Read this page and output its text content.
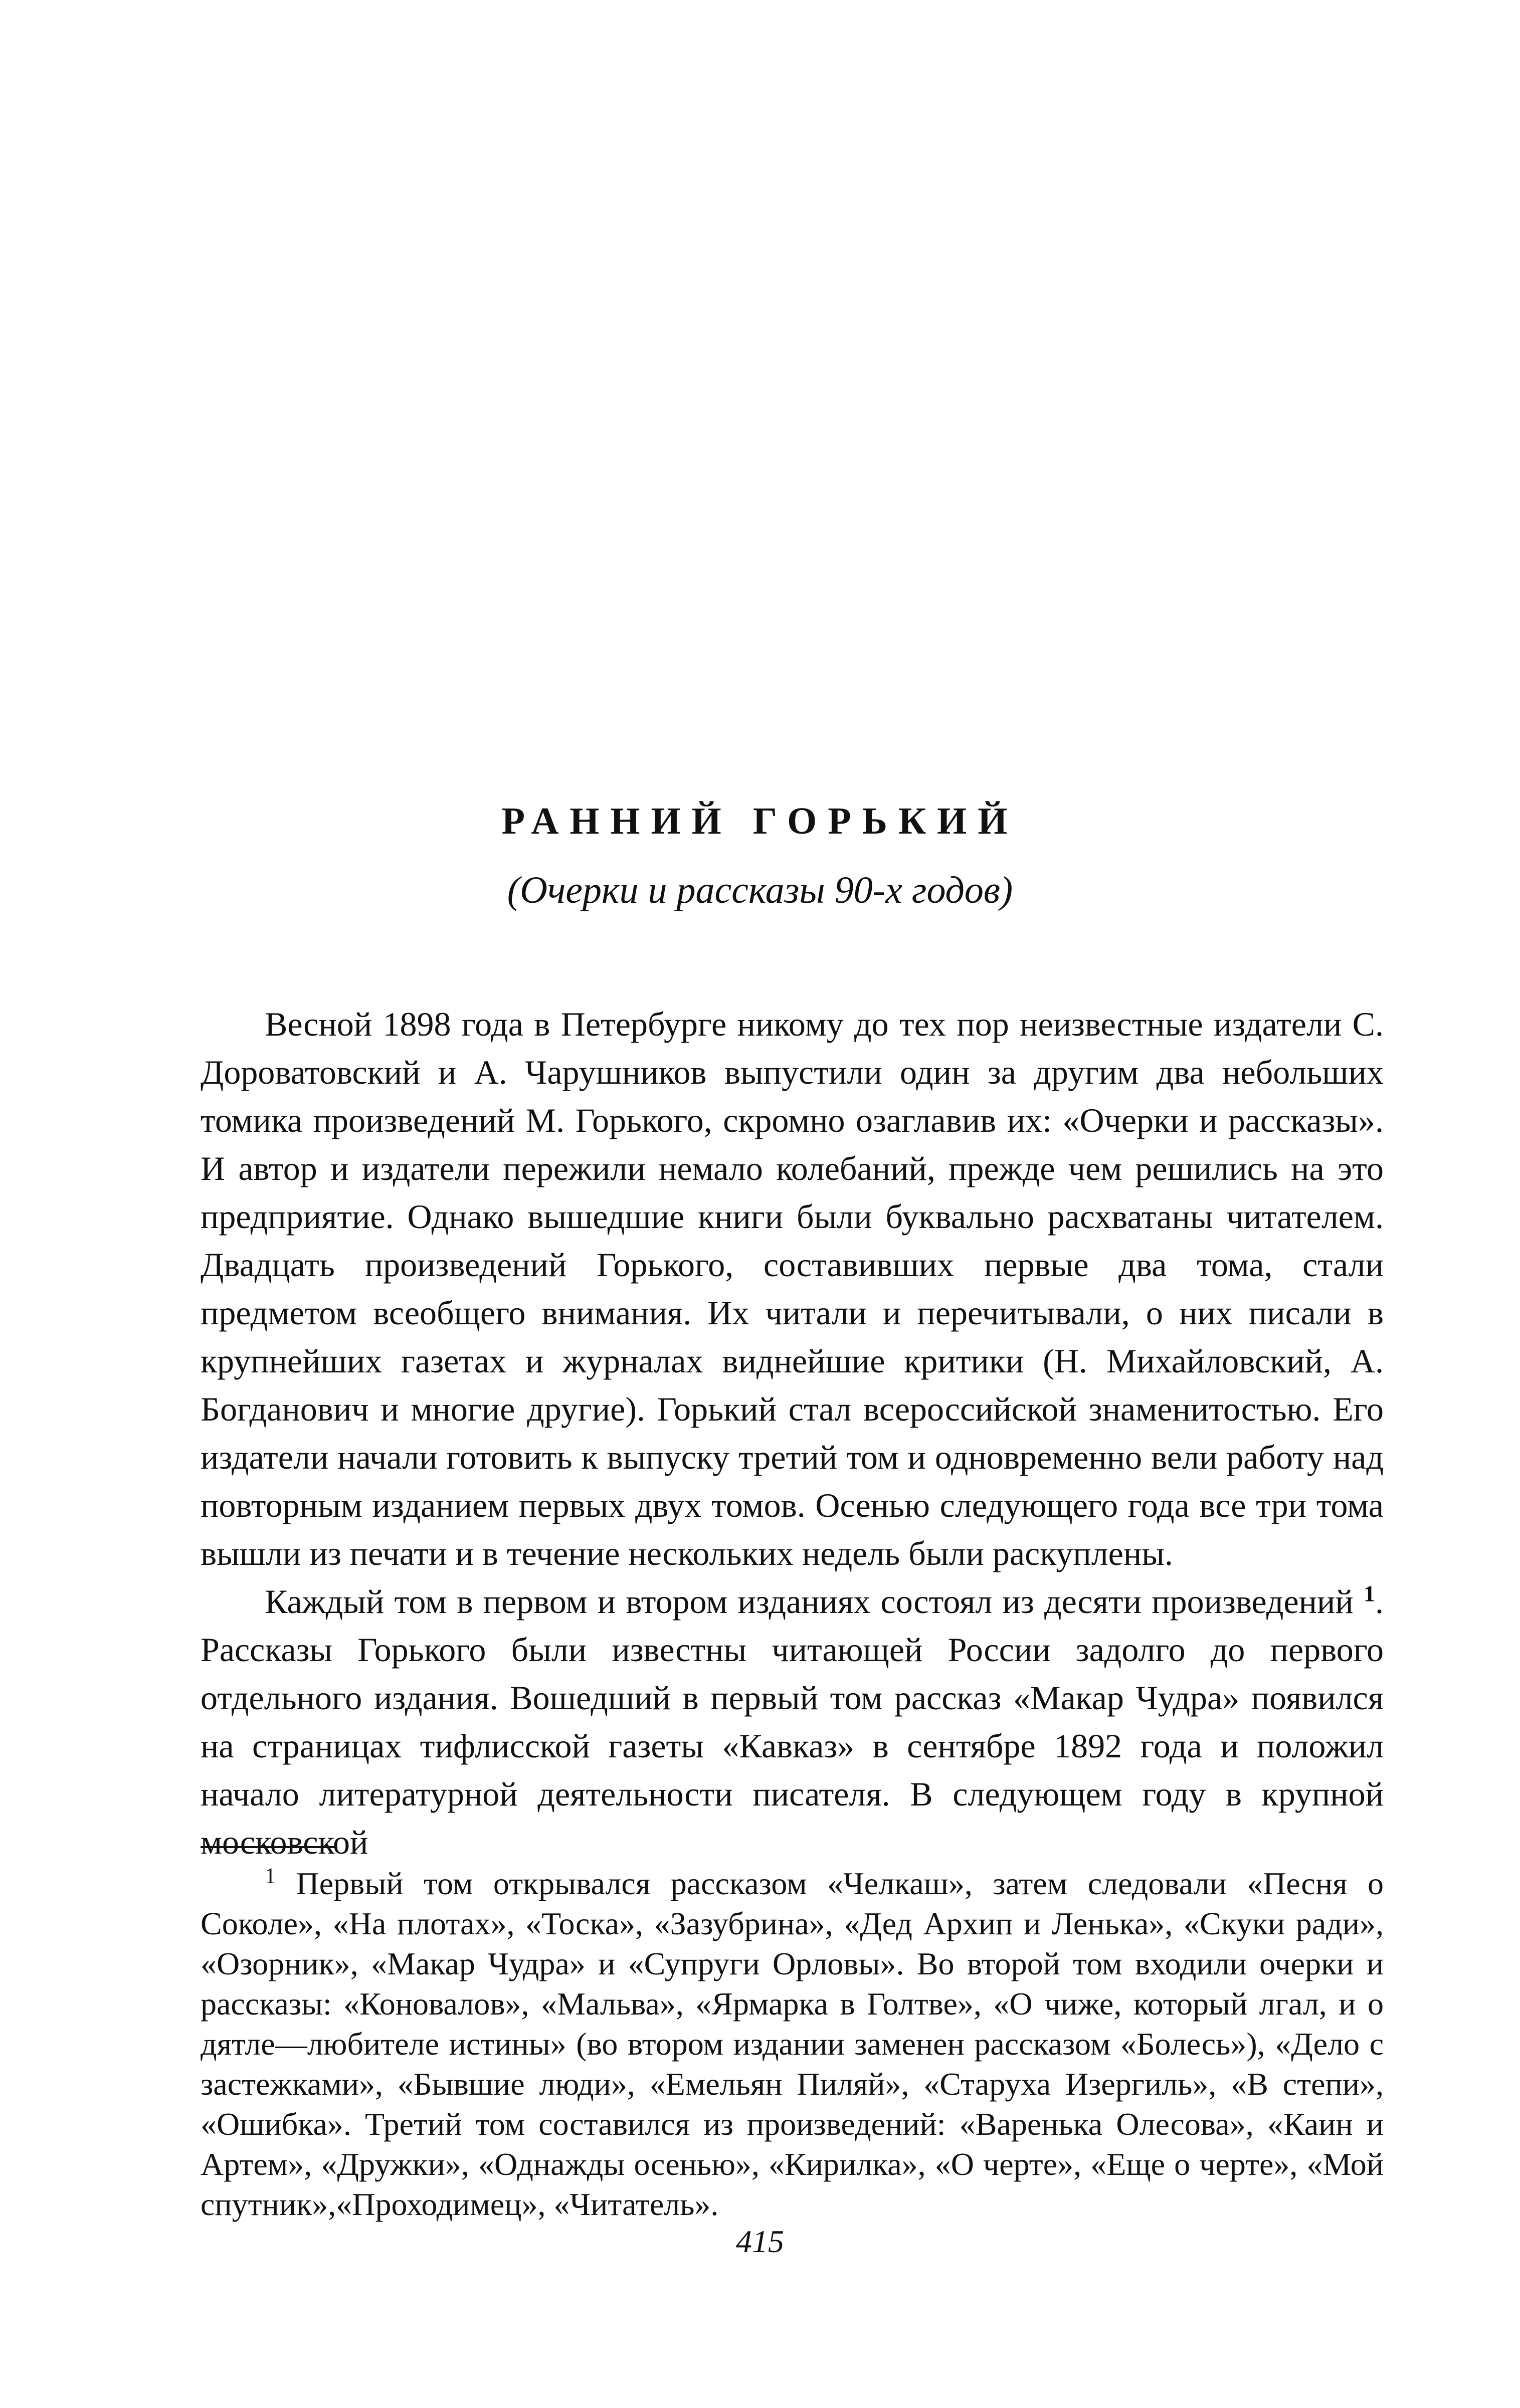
РАННИЙ ГОРЬКИЙ
(Очерки и рассказы 90-х годов)

Весной 1898 года в Петербурге никому до тех пор неизвестные издатели С. Дороватовский и А. Чарушников выпустили один за другим два небольших томика произведений М. Горького, скромно озаглавив их: «Очерки и рассказы». И автор и издатели пережили немало колебаний, прежде чем решились на это предприятие. Однако вышедшие книги были буквально расхватаны читателем. Двадцать произведений Горького, составивших первые два тома, стали предметом всеобщего внимания. Их читали и перечитывали, о них писали в крупнейших газетах и журналах виднейшие критики (Н. Михайловский, А. Богданович и многие другие). Горький стал всероссийской знаменитостью. Его издатели начали готовить к выпуску третий том и одновременно вели работу над повторным изданием первых двух томов. Осенью следующего года все три тома вышли из печати и в течение нескольких недель были раскуплены.

Каждый том в первом и втором изданиях состоял из десяти произведений $^1$. Рассказы Горького были известны читающей России задолго до первого отдельного издания. Вошедший в первый том рассказ «Макар Чудра» появился на страницах тифлисской газеты «Кавказ» в сентябре 1892 года и положил начало литературной деятельности писателя. В следующем году в крупной московской

$^1$ Первый том открывался рассказом «Челкаш», затем следовали «Песня о Соколе», «На плотах», «Тоска», «Зазубрина», «Дед Архип и Ленька», «Скуки ради», «Озорник», «Макар Чудра» и «Супруги Орловы». Во второй том входили очерки и рассказы: «Коновалов», «Мальва», «Ярмарка в Голтве», «О чиже, который лгал, и о дятле—любителе истины» (во втором издании заменен рассказом «Болесь»), «Дело с застежками», «Бывшие люди», «Емельян Пиляй», «Старуха Изергиль», «В степи», «Ошибка». Третий том составился из произведений: «Варенька Олесова», «Каин и Артем», «Дружки», «Однажды осенью», «Кирилка», «О черте», «Еще о черте», «Мой спутник»,«Проходимец», «Читатель».

415
